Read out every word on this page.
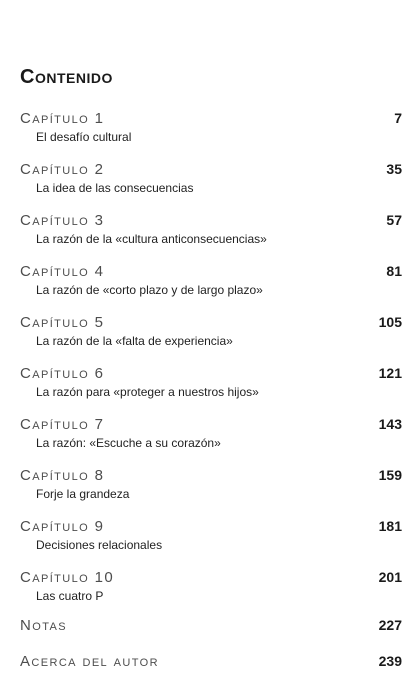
Contenido
Capítulo 1	7
El desafío cultural
Capítulo 2	35
La idea de las consecuencias
Capítulo 3	57
La razón de la «cultura anticonsecuencias»
Capítulo 4	81
La razón de «corto plazo y de largo plazo»
Capítulo 5	105
La razón de la «falta de experiencia»
Capítulo 6	121
La razón para «proteger a nuestros hijos»
Capítulo 7	143
La razón: «Escuche a su corazón»
Capítulo 8	159
Forje la grandeza
Capítulo 9	181
Decisiones relacionales
Capítulo 10	201
Las cuatro P
Notas	227
Acerca del autor	239
